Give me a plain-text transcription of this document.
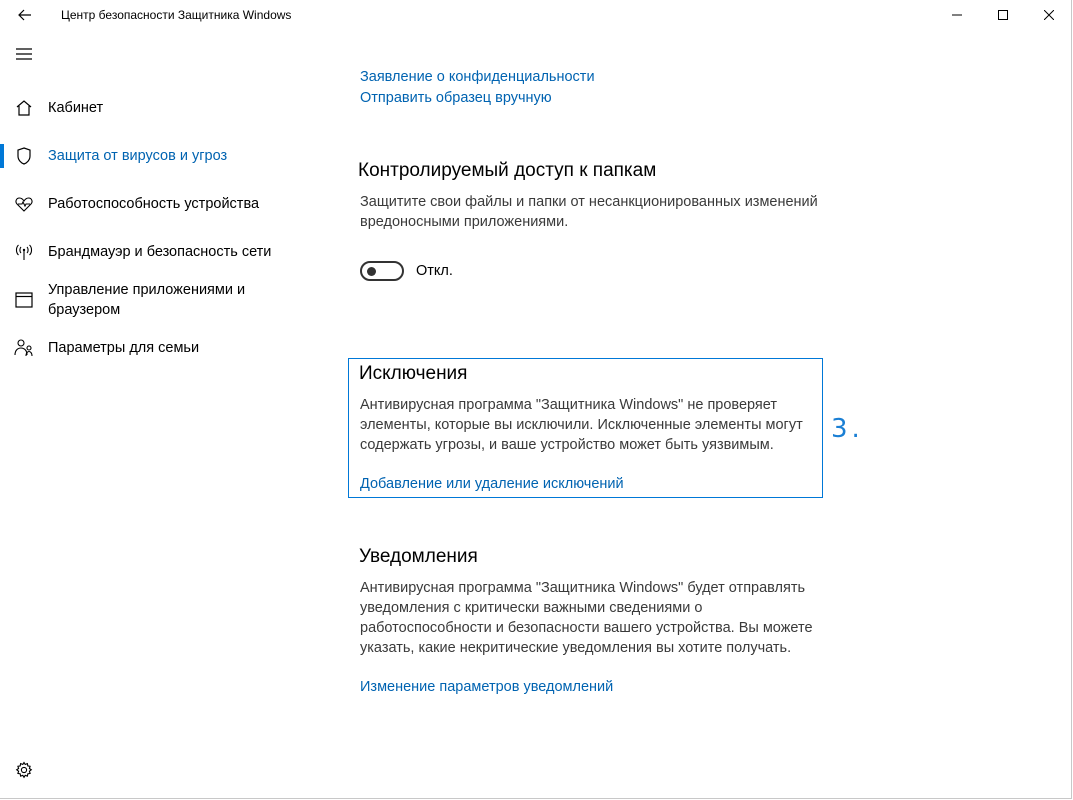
Центр безопасности Защитника Windows
Кабинет
Защита от вирусов и угроз
Работоспособность устройства
Брандмауэр и безопасность сети
Управление приложениями и браузером
Параметры для семьи
Заявление о конфиденциальности
Отправить образец вручную
Контролируемый доступ к папкам
Защитите свои файлы и папки от несанкционированных изменений вредоносными приложениями.
Откл.
Исключения
Антивирусная программа "Защитника Windows" не проверяет элементы, которые вы исключили. Исключенные элементы могут содержать угрозы, и ваше устройство может быть уязвимым.
Добавление или удаление исключений
3.
Уведомления
Антивирусная программа "Защитника Windows" будет отправлять уведомления с критически важными сведениями о работоспособности и безопасности вашего устройства. Вы можете указать, какие некритические уведомления вы хотите получать.
Изменение параметров уведомлений
